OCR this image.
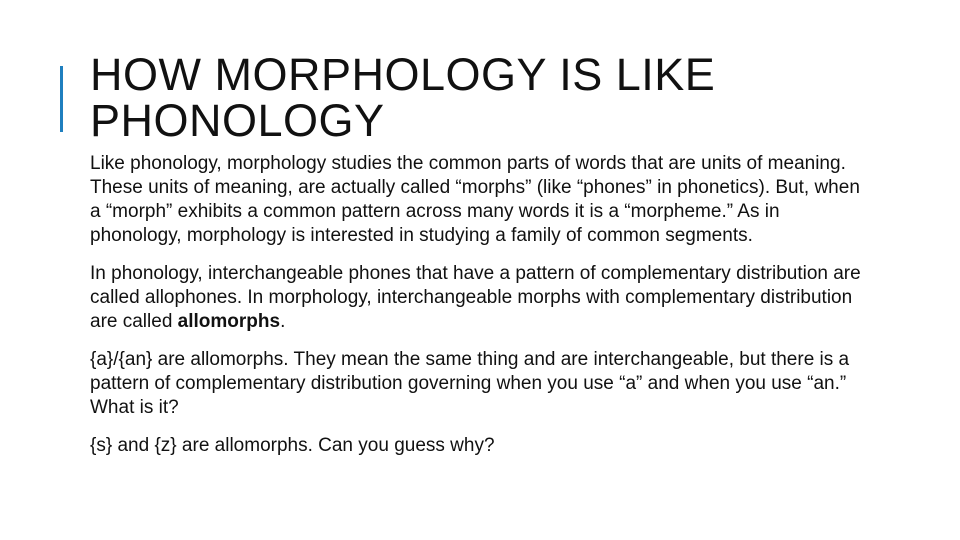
HOW MORPHOLOGY IS LIKE
PHONOLOGY

Like phonology, morphology studies the common parts of words that are units of meaning. These units of meaning, are actually called “morphs” (like “phones” in phonetics). But, when a “morph” exhibits a common pattern across many words it is a “morpheme.” As in phonology, morphology is interested in studying a family of common segments.

In phonology, interchangeable phones that have a pattern of complementary distribution are called allophones. In morphology, interchangeable morphs with complementary distribution are called allomorphs.

{a}/{an} are allomorphs. They mean the same thing and are interchangeable, but there is a pattern of complementary distribution governing when you use “a” and when you use “an.” What is it?

{s} and {z} are allomorphs. Can you guess why?
